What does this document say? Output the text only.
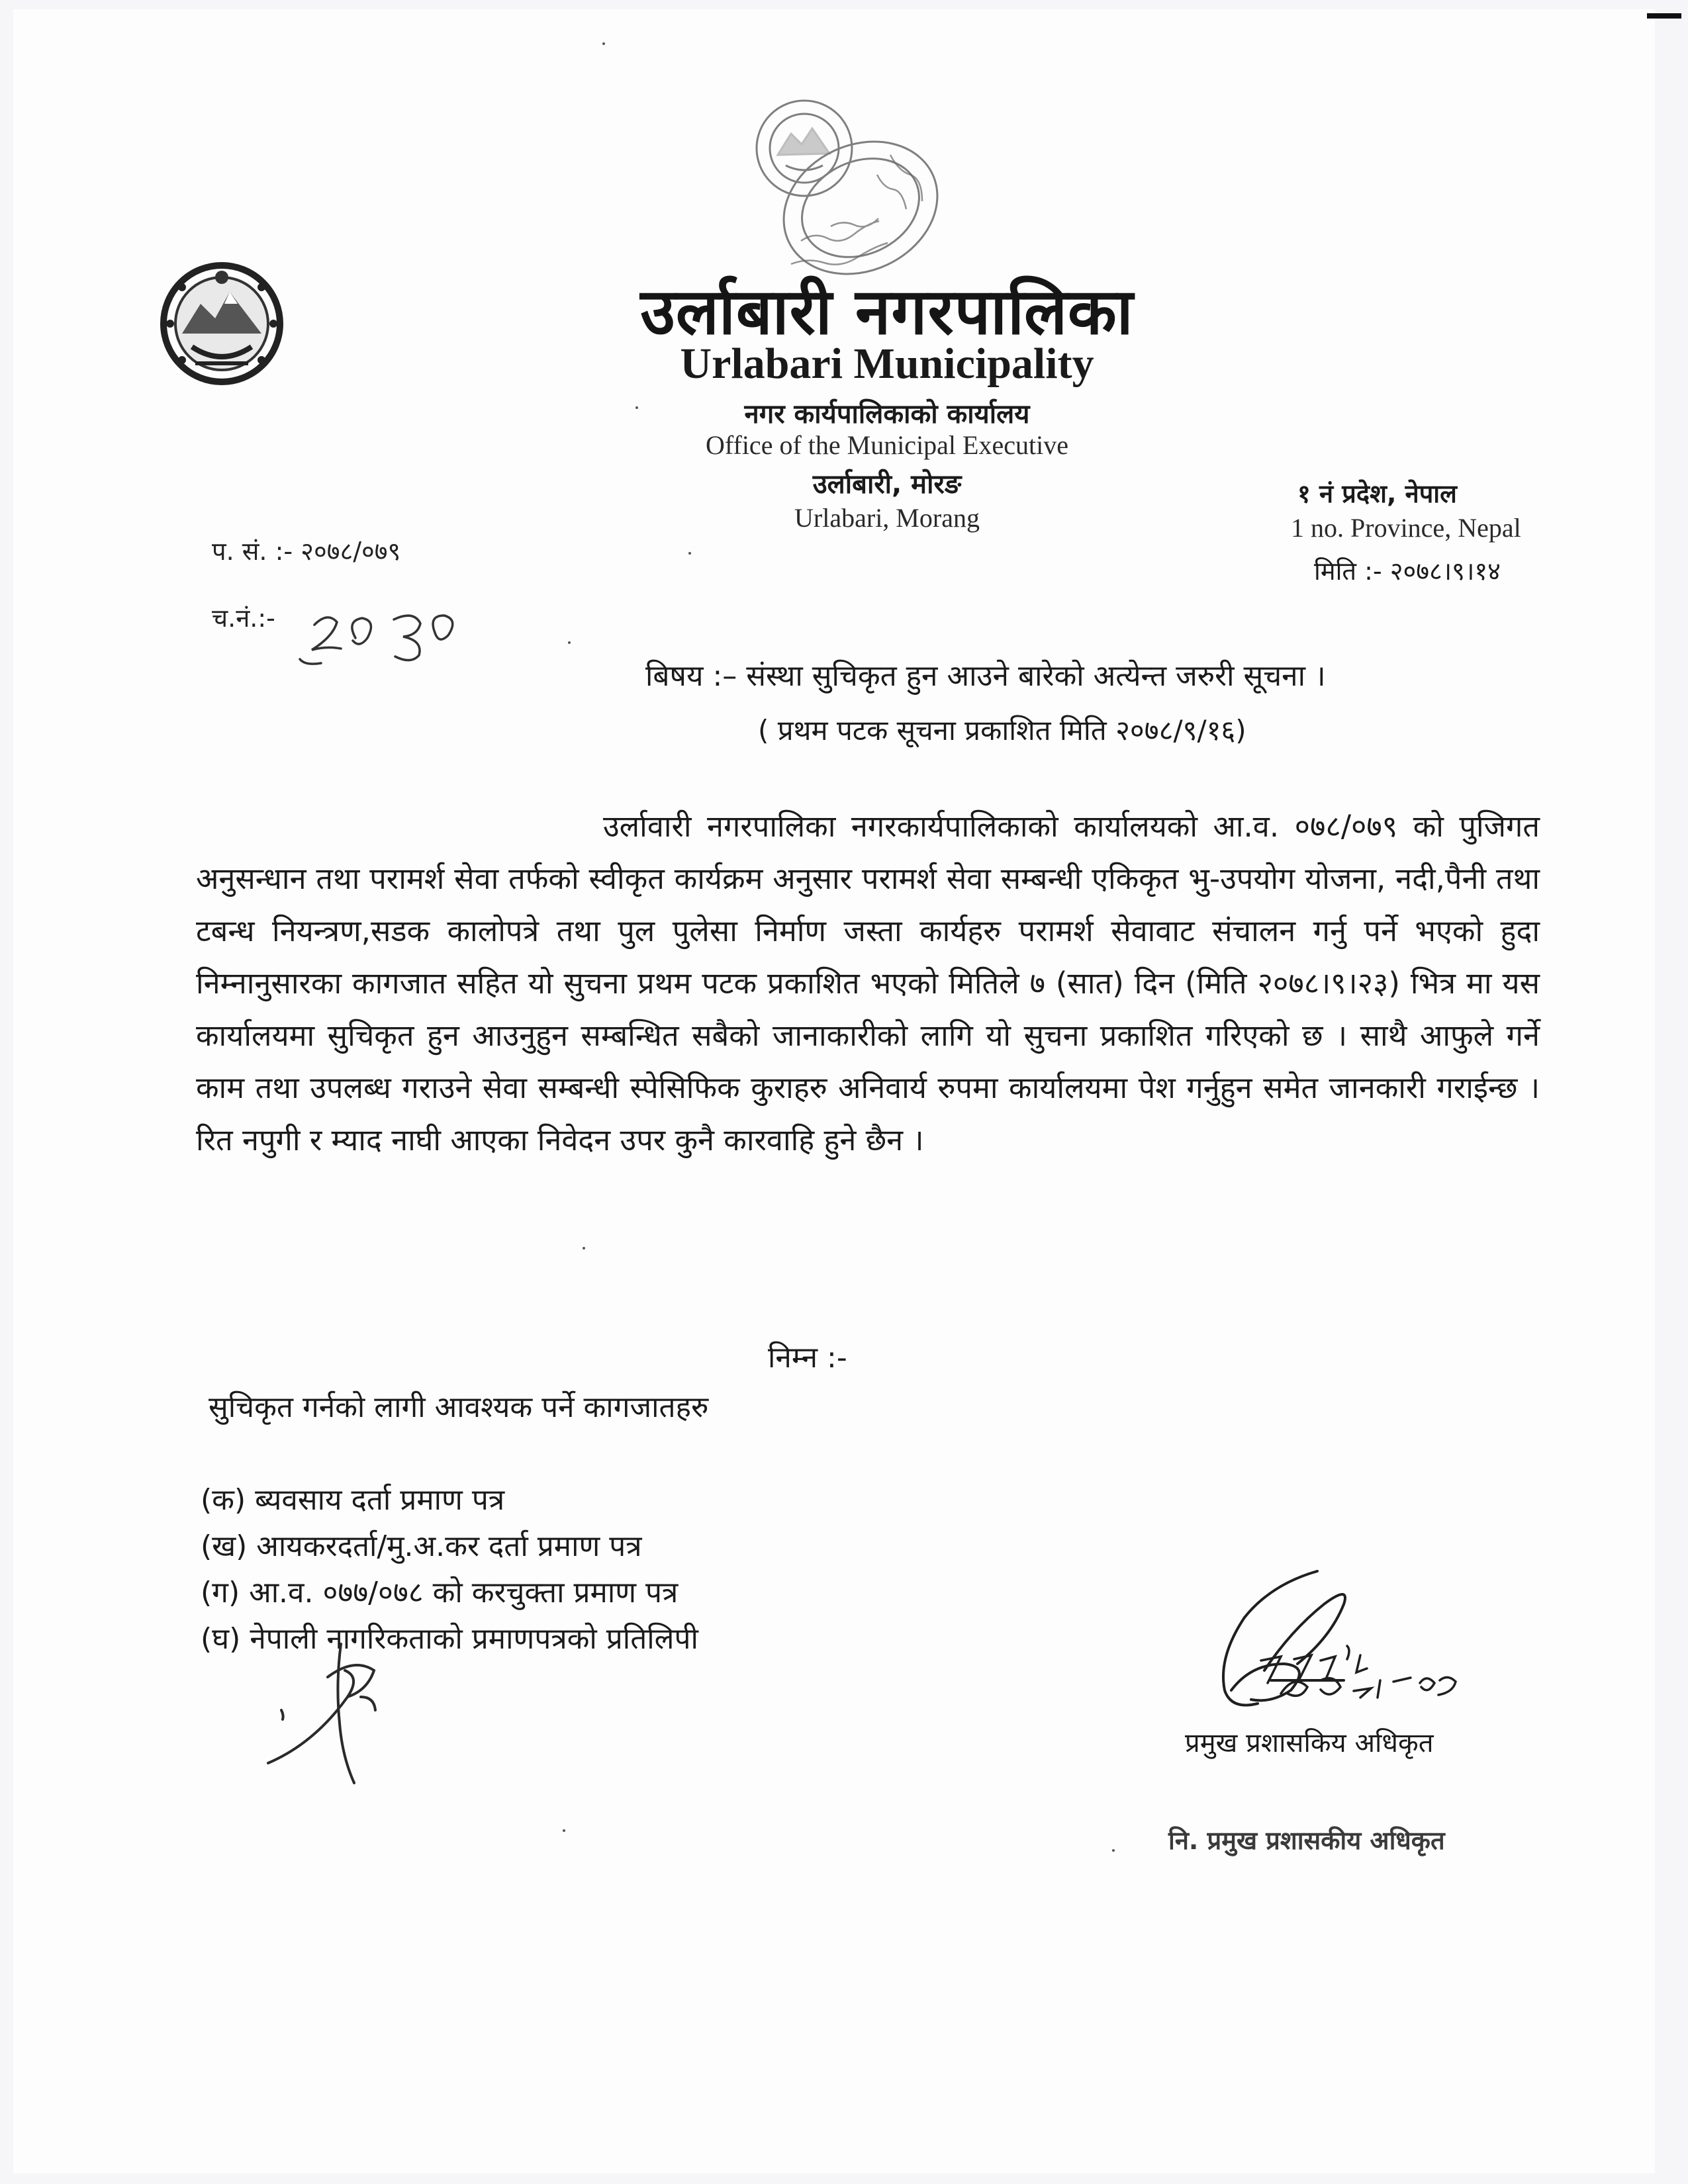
उर्लाबारी नगरपालिका
Urlabari Municipality
नगर कार्यपालिकाको कार्यालय
Office of the Municipal Executive
उर्लाबारी, मोरङ
Urlabari, Morang
१ नं प्रदेश, नेपाल
1 no. Province, Nepal
मिति :- २०७८।९।१४
प. सं. :- २०७८/०७९
च.नं.:-
बिषय :– संस्था सुचिकृत हुन आउने बारेको अत्येन्त जरुरी सूचना ।
( प्रथम पटक सूचना प्रकाशित मिति २०७८/९/१६)
उर्लावारी नगरपालिका नगरकार्यपालिकाको कार्यालयको आ.व. ०७८/०७९ को पुजिगत अनुसन्धान तथा परामर्श सेवा तर्फको स्वीकृत कार्यक्रम अनुसार परामर्श सेवा सम्बन्धी एकिकृत भु-उपयोग योजना, नदी,पैनी तथा टबन्ध नियन्त्रण,सडक कालोपत्रे तथा पुल पुलेसा निर्माण जस्ता कार्यहरु परामर्श सेवावाट संचालन गर्नु पर्ने भएको हुदा निम्नानुसारका कागजात सहित यो सुचना प्रथम पटक प्रकाशित भएको मितिले ७ (सात) दिन (मिति २०७८।९।२३) भित्र मा यस कार्यालयमा सुचिकृत हुन आउनुहुन सम्बन्धित सबैको जानाकारीको लागि यो सुचना प्रकाशित गरिएको छ । साथै आफुले गर्ने काम तथा उपलब्ध गराउने सेवा सम्बन्धी स्पेसिफिक कुराहरु अनिवार्य रुपमा कार्यालयमा पेश गर्नुहुन समेत जानकारी गराईन्छ । रित नपुगी र म्याद नाघी आएका निवेदन उपर कुनै कारवाहि हुने छैन ।
निम्न :-
सुचिकृत गर्नको लागी आवश्यक पर्ने कागजातहरु
(क) ब्यवसाय दर्ता प्रमाण पत्र
(ख) आयकरदर्ता/मु.अ.कर दर्ता प्रमाण पत्र
(ग) आ.व. ०७७/०७८ को करचुक्ता प्रमाण पत्र
(घ) नेपाली नागरिकताको प्रमाणपत्रको प्रतिलिपी
प्रमुख प्रशासकिय अधिकृत
नि. प्रमुख प्रशासकीय अधिकृत
